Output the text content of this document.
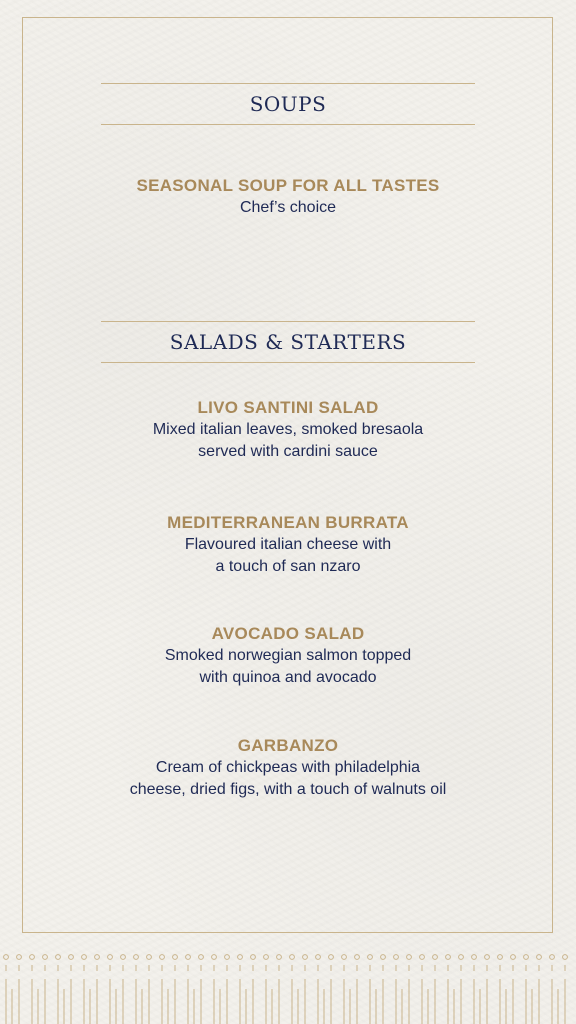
SOUPS
SEASONAL SOUP FOR ALL TASTES
Chef’s choice
SALADS & STARTERS
LIVO SANTINI SALAD
Mixed italian leaves, smoked bresaola
served with cardini sauce
MEDITERRANEAN BURRATA
Flavoured italian cheese with
a touch of san nzaro
AVOCADO SALAD
Smoked norwegian salmon topped
with quinoa and avocado
GARBANZO
Cream of chickpeas with philadelphia
cheese, dried figs, with a touch of walnuts oil
